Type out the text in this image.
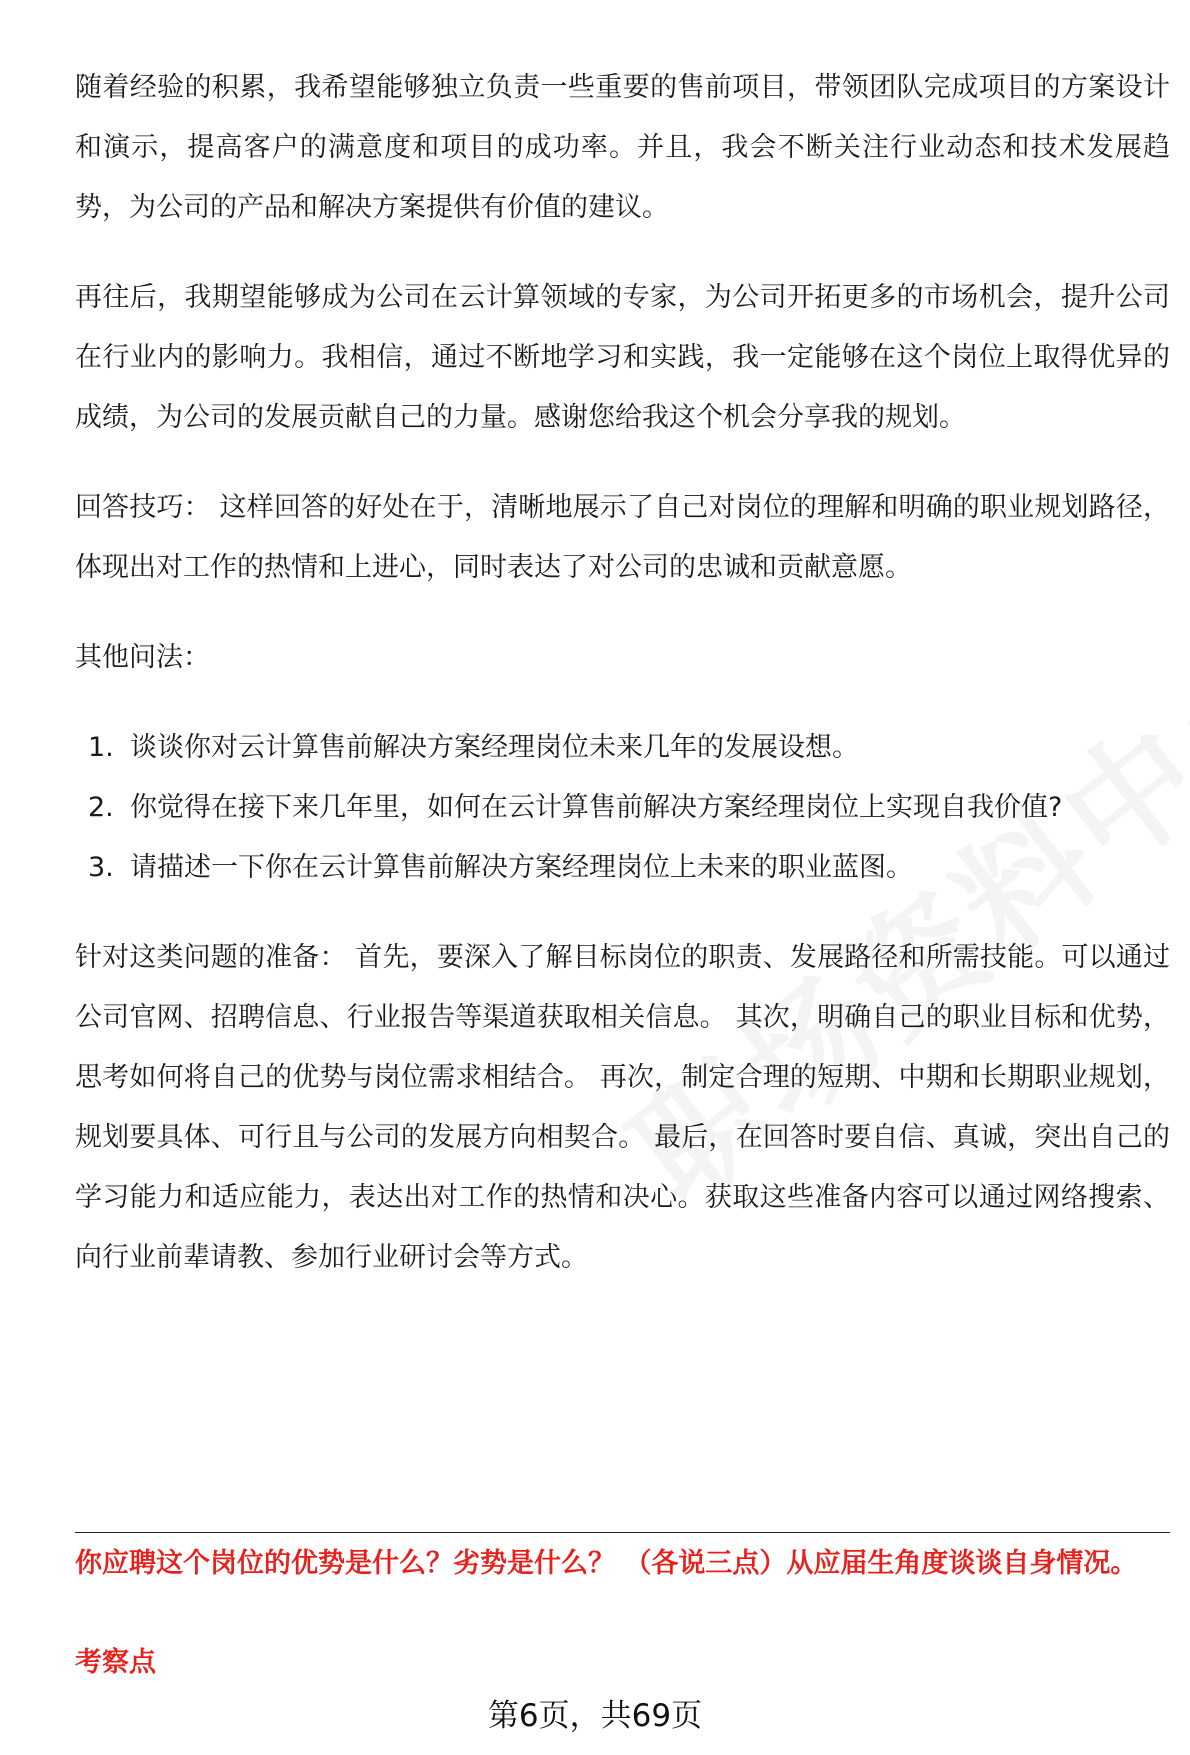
随着经验的积累，我希望能够独立负责一些重要的售前项目，带领团队完成项目的方案设计和演示，提高客户的满意度和项目的成功率。并且，我会不断关注行业动态和技术发展趋势，为公司的产品和解决方案提供有价值的建议。

再往后，我期望能够成为公司在云计算领域的专家，为公司开拓更多的市场机会，提升公司在行业内的影响力。我相信，通过不断地学习和实践，我一定能够在这个岗位上取得优异的成绩，为公司的发展贡献自己的力量。感谢您给我这个机会分享我的规划。

回答技巧： 这样回答的好处在于，清晰地展示了自己对岗位的理解和明确的职业规划路径，体现出对工作的热情和上进心，同时表达了对公司的忠诚和贡献意愿。

其他问法：

1. 谈谈你对云计算售前解决方案经理岗位未来几年的发展设想。
2. 你觉得在接下来几年里，如何在云计算售前解决方案经理岗位上实现自我价值?
3. 请描述一下你在云计算售前解决方案经理岗位上未来的职业蓝图。

针对这类问题的准备： 首先，要深入了解目标岗位的职责、发展路径和所需技能。可以通过公司官网、招聘信息、行业报告等渠道获取相关信息。 其次，明确自己的职业目标和优势，思考如何将自己的优势与岗位需求相结合。 再次，制定合理的短期、中期和长期职业规划，规划要具体、可行且与公司的发展方向相契合。 最后，在回答时要自信、真诚，突出自己的学习能力和适应能力，表达出对工作的热情和决心。获取这些准备内容可以通过网络搜索、向行业前辈请教、参加行业研讨会等方式。

你应聘这个岗位的优势是什么？劣势是什么？ （各说三点）从应届生角度谈谈自身情况。

考察点

第6页，共69页
